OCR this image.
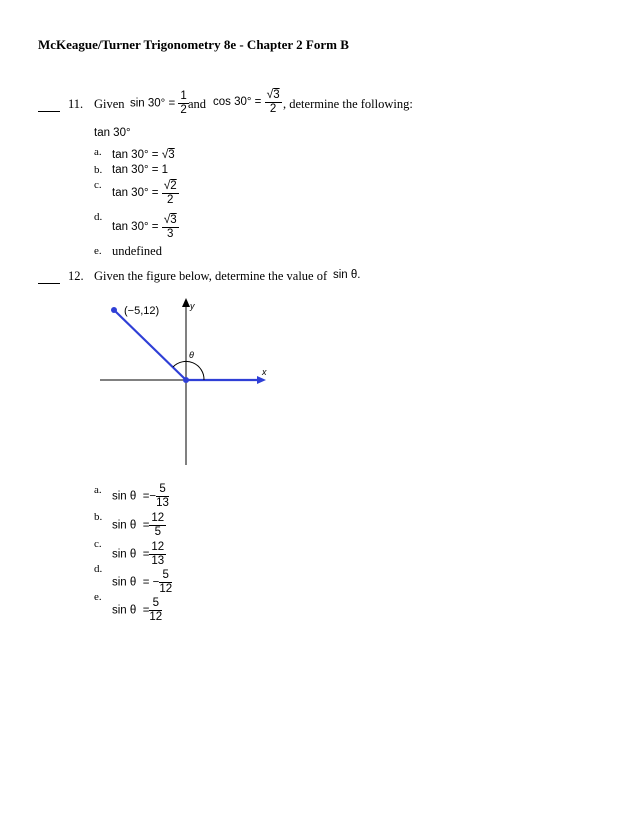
McKeague/Turner Trigonometry 8e - Chapter 2 Form B
11. Given $\sin 30^\circ = \frac{1}{2}$ and $\cos 30^\circ = \frac{√3}{2}$ , determine the following:
tan 30°
a. tan 30° = √3
b. tan 30° = 1
c.
$\tan 30^\circ = \frac{√2}{2}$
d.
$\tan 30^\circ = \frac{√3}{3}$
e. undefined
12. Given the figure below, determine the value of sin θ.
(−5,12)	y
x
θ
a.
$\sin \theta =- \frac{5}{13}$
b.
$\sin \theta = \frac{12}{5}$
c.
$\sin \theta = \frac{12}{13}$
d.
sin θ = − $\frac{5}{12}$
e.
$\sin \theta = \frac{5}{12}$
